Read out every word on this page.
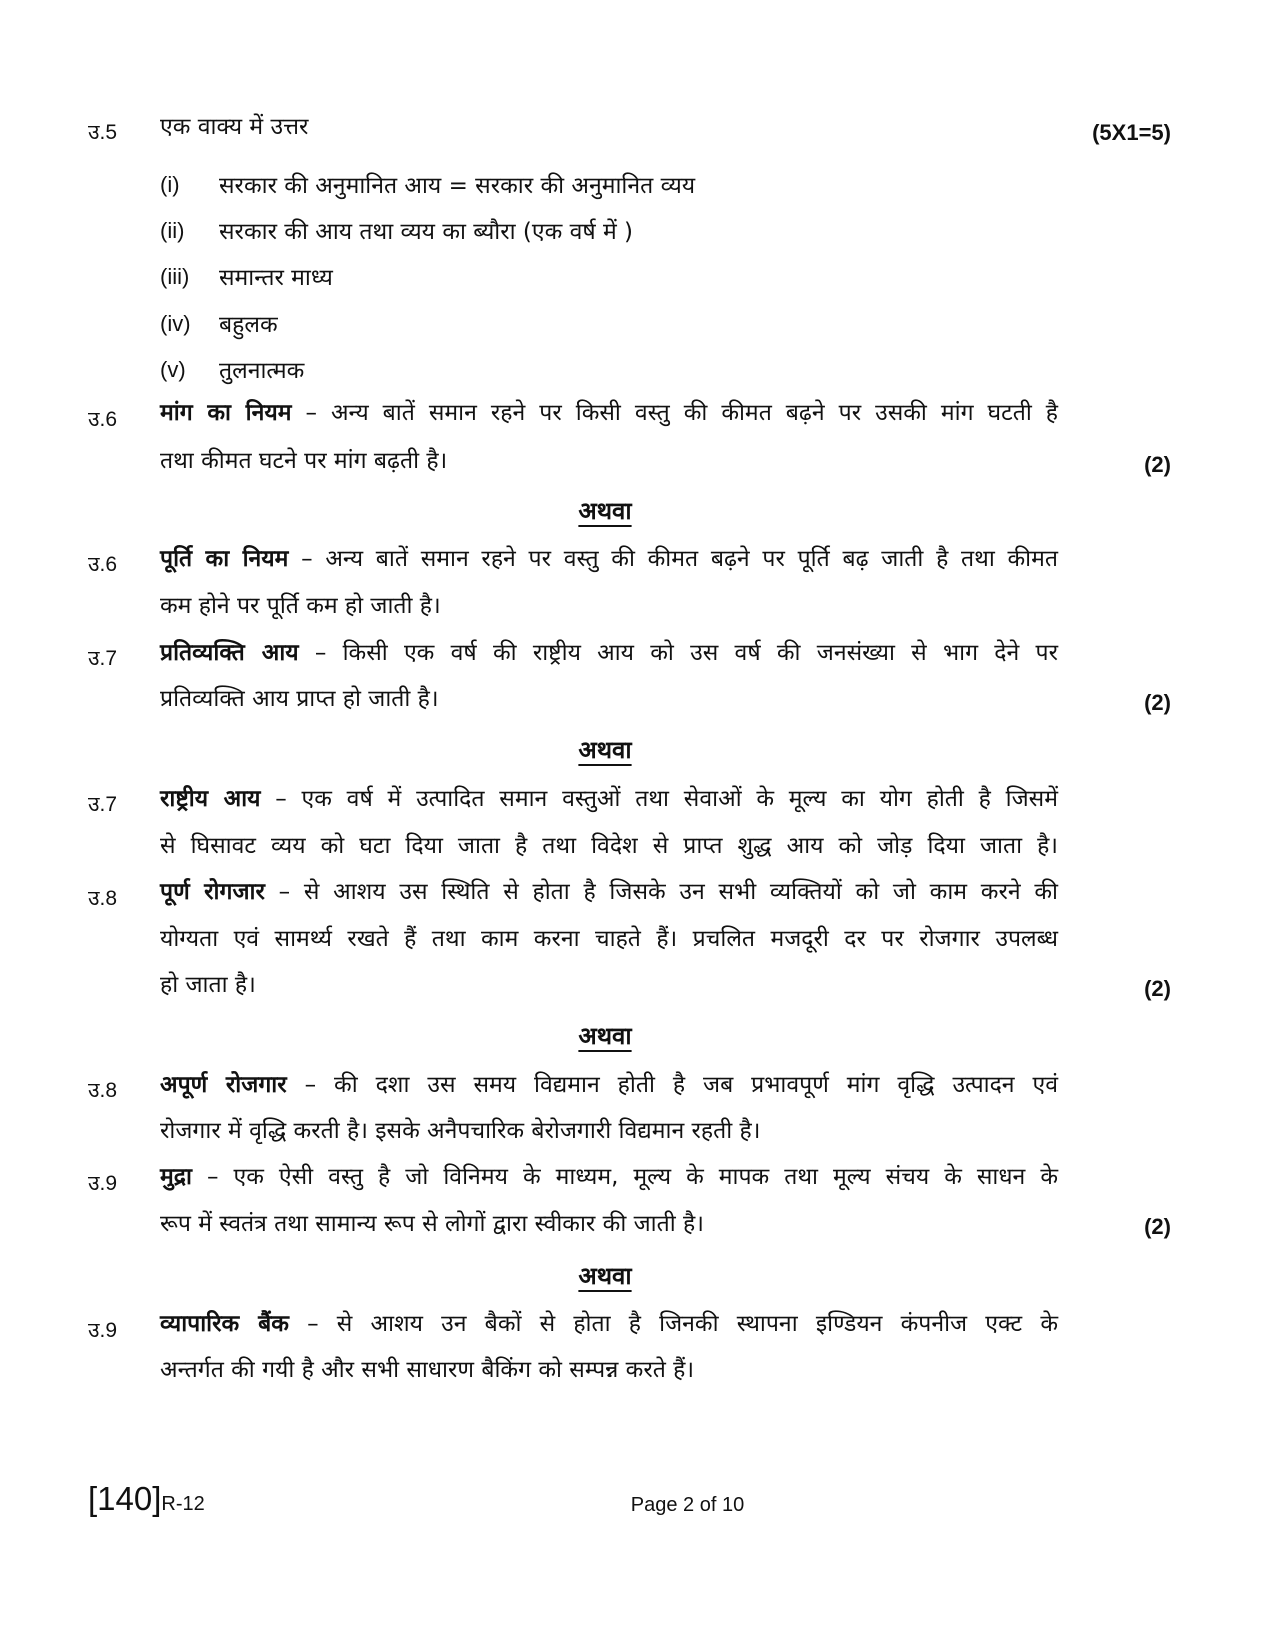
उ.5 एक वाक्य में उत्तर	(5X1=5)
(i) सरकार की अनुमानित आय = सरकार की अनुमानित व्यय
(ii) सरकार की आय तथा व्यय का ब्यौरा (एक वर्ष में )
(iii) समान्तर माध्य
(iv) बहुलक
(v) तुलनात्मक
उ.6 मांग का नियम – अन्य बातें समान रहने पर किसी वस्तु की कीमत बढ़ने पर उसकी मांग घटती है
तथा कीमत घटने पर मांग बढ़ती है।	(2)
अथवा
उ.6 पूर्ति का नियम – अन्य बातें समान रहने पर वस्तु की कीमत बढ़ने पर पूर्ति बढ़ जाती है तथा कीमत
कम होने पर पूर्ति कम हो जाती है।
उ.7 प्रतिव्यक्ति आय – किसी एक वर्ष की राष्ट्रीय आय को उस वर्ष की जनसंख्या से भाग देने पर
प्रतिव्यक्ति आय प्राप्त हो जाती है।	(2)
अथवा
उ.7 राष्ट्रीय आय – एक वर्ष में उत्पादित समान वस्तुओं तथा सेवाओं के मूल्य का योग होती है जिसमें
से घिसावट व्यय को घटा दिया जाता है तथा विदेश से प्राप्त शुद्ध आय को जोड़ दिया जाता है।
उ.8 पूर्ण रोगजार – से आशय उस स्थिति से होता है जिसके उन सभी व्यक्तियों को जो काम करने की
योग्यता एवं सामर्थ्य रखते हैं तथा काम करना चाहते हैं। प्रचलित मजदूरी दर पर रोजगार उपलब्ध
हो जाता है।	(2)
अथवा
उ.8 अपूर्ण रोजगार – की दशा उस समय विद्यमान होती है जब प्रभावपूर्ण मांग वृद्धि उत्पादन एवं
रोजगार में वृद्धि करती है। इसके अनैपचारिक बेरोजगारी विद्यमान रहती है।
उ.9 मुद्रा – एक ऐसी वस्तु है जो विनिमय के माध्यम, मूल्य के मापक तथा मूल्य संचय के साधन के
रूप में स्वतंत्र तथा सामान्य रूप से लोगों द्वारा स्वीकार की जाती है।	(2)
अथवा
उ.9 व्यापारिक बैंक – से आशय उन बैकों से होता है जिनकी स्थापना इण्डियन कंपनीज एक्ट के
अन्तर्गत की गयी है और सभी साधारण बैकिंग को सम्पन्न करते हैं।
[140]R-12	Page 2 of 10
